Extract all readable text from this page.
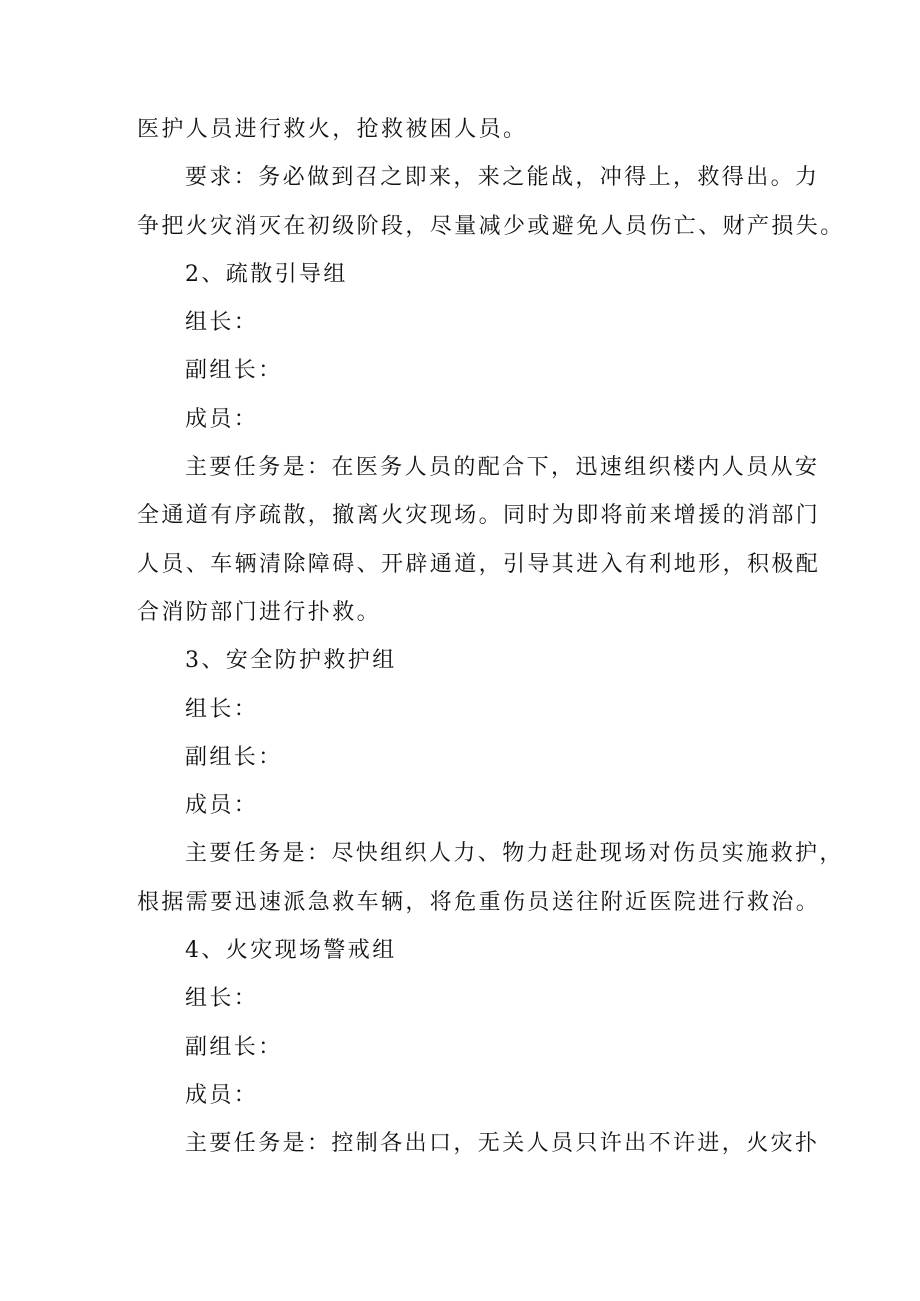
医护人员进行救火，抢救被困人员。
要求：务必做到召之即来，来之能战，冲得上，救得出。力
争把火灾消灭在初级阶段，尽量减少或避免人员伤亡、财产损失。
2、疏散引导组
组长：
副组长：
成员：
主要任务是：在医务人员的配合下，迅速组织楼内人员从安
全通道有序疏散，撤离火灾现场。同时为即将前来增援的消部门
人员、车辆清除障碍、开辟通道，引导其进入有利地形，积极配
合消防部门进行扑救。
3、安全防护救护组
组长：
副组长：
成员：
主要任务是：尽快组织人力、物力赶赴现场对伤员实施救护，
根据需要迅速派急救车辆，将危重伤员送往附近医院进行救治。
4、火灾现场警戒组
组长：
副组长：
成员：
主要任务是：控制各出口，无关人员只许出不许进，火灾扑
